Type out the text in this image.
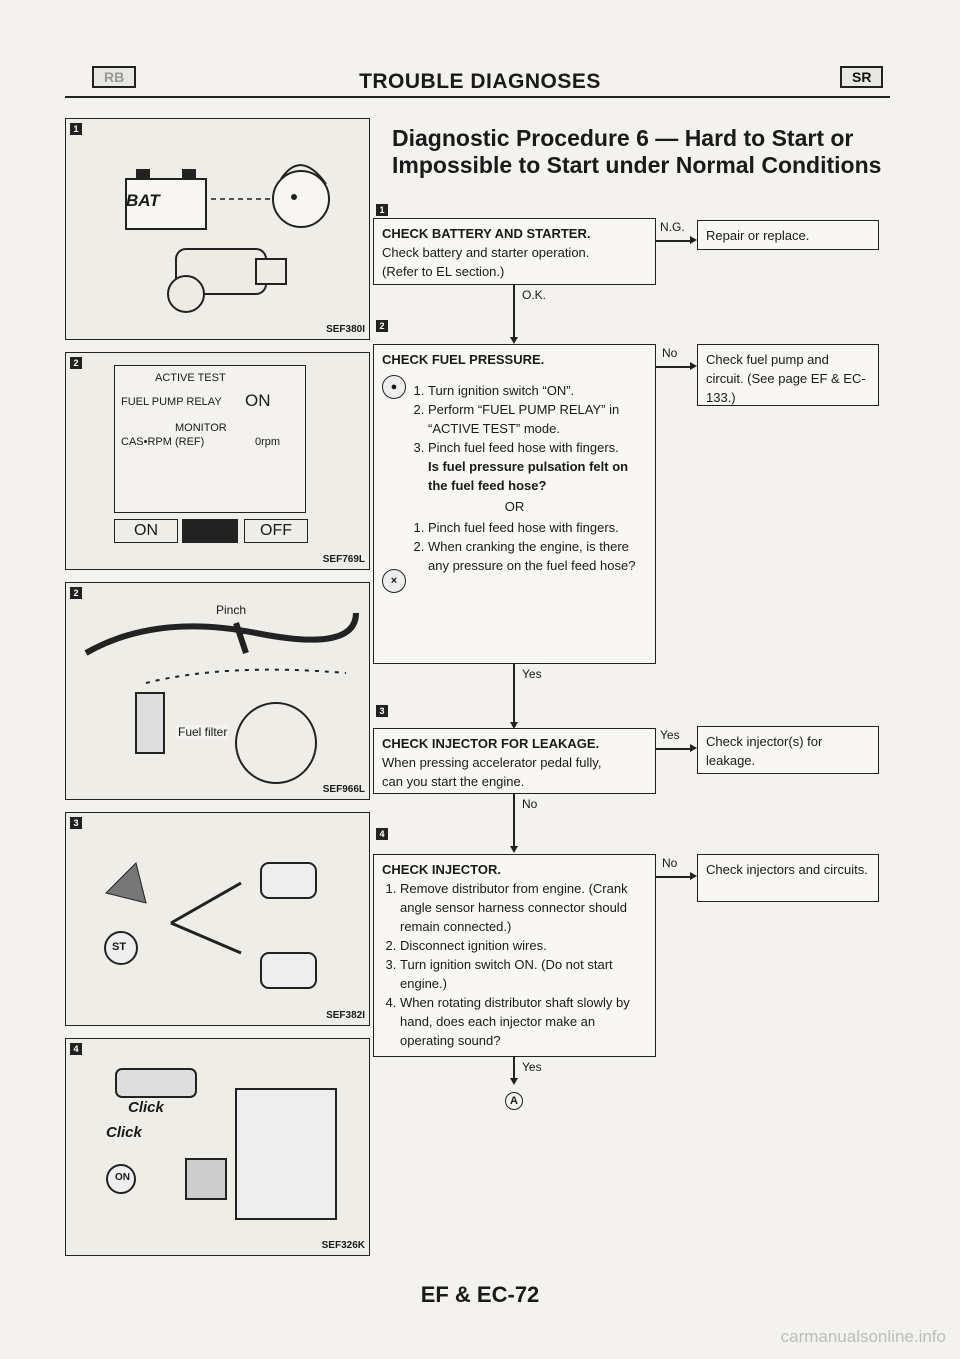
RB	TROUBLE DIAGNOSES	SR
Diagnostic Procedure 6 — Hard to Start or Impossible to Start under Normal Conditions
1
BAT
SEF380I
2
ACTIVE TEST
FUEL PUMP RELAY ON
MONITOR
CAS•RPM (REF)	0rpm
ON	OFF
SEF769L
2
Pinch
Fuel filter
SEF966L
3
ST
SEF382I
4
Click
Click
ON
SEF326K
1
CHECK BATTERY AND STARTER.
Check battery and starter operation.
(Refer to EL section.)
N.G.
Repair or replace.
O.K.
2
CHECK FUEL PRESSURE.
●
1.	Turn ignition switch “ON”.
2. Perform “FUEL PUMP RELAY” in “ACTIVE TEST” mode.
3. Pinch fuel feed hose with fingers.
Is fuel pressure pulsation felt on the fuel feed hose?
OR
×
1. Pinch fuel feed hose with fingers.
2. When cranking the engine, is there any pressure on the fuel feed hose?
No	Check fuel pump and circuit. (See page EF & EC-133.)
Yes
3
CHECK INJECTOR FOR LEAKAGE.
When pressing accelerator pedal fully,
can you start the engine.
Yes	Check injector(s) for leakage.
No
4
CHECK INJECTOR.
1. Remove distributor from engine. (Crank angle sensor harness connector should remain connected.)
2. Disconnect ignition wires.
3. Turn ignition switch ON. (Do not start engine.)
4. When rotating distributor shaft slowly by hand, does each injector make an operating sound?
No	Check injectors and circuits.
Yes
A
EF & EC-72
carmanualsonline.info
